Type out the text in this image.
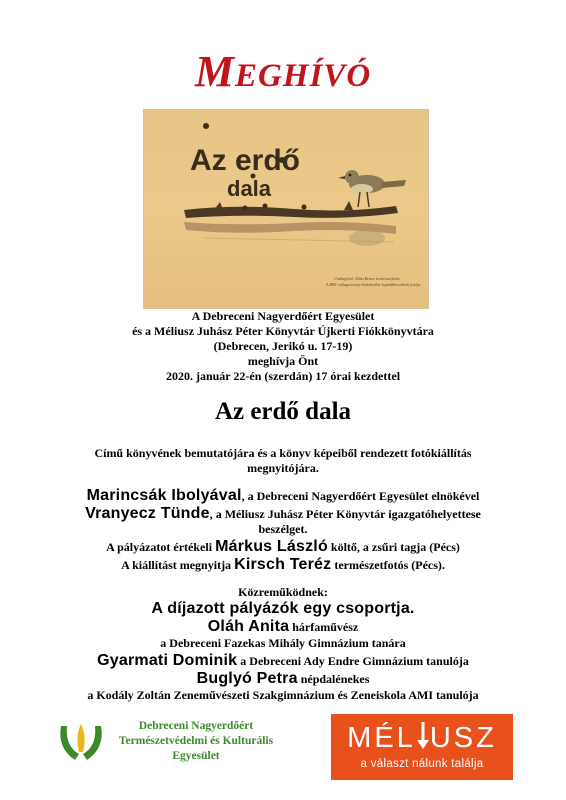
MEGHÍVÓ
Az erdő
dala
Címlapfotó: Műsi Benze természetfotós
A BBC nálagerosszy lénkóneklot legtobbbesébrett fotója.
A Debreceni Nagyerdőért Egyesület
és a Méliusz Juhász Péter Könyvtár Újkerti Fiókkönyvtára
(Debrecen, Jerikó u. 17-19)
meghívja Önt
2020. január 22-én (szerdán) 17 órai kezdettel
Az erdő dala
Című könyvének bemutatójára és a könyv képeiből rendezett fotókiállítás
megnyitójára.
Marincsák Ibolyával, a Debreceni Nagyerdőért Egyesület elnökével
Vranyecz Tünde, a Méliusz Juhász Péter Könyvtár igazgatóhelyettese
beszélget.
A pályázatot értékeli Márkus László költő, a zsűri tagja (Pécs)
A kiállítást megnyitja Kirsch Teréz természetfotós (Pécs).
Közreműködnek:
A díjazott pályázók egy csoportja.
Oláh Anita hárfaművész
a Debreceni Fazekas Mihály Gimnázium tanára
Gyarmati Dominik a Debreceni Ady Endre Gimnázium tanulója
Buglyó Petra népdalénekes
a Kodály Zoltán Zeneművészeti Szakgimnázium és Zeneiskola AMI tanulója
Debreceni Nagyerdőért
Természetvédelmi és Kulturális
Egyesület
MÉL USZ
a választ nálunk találja
